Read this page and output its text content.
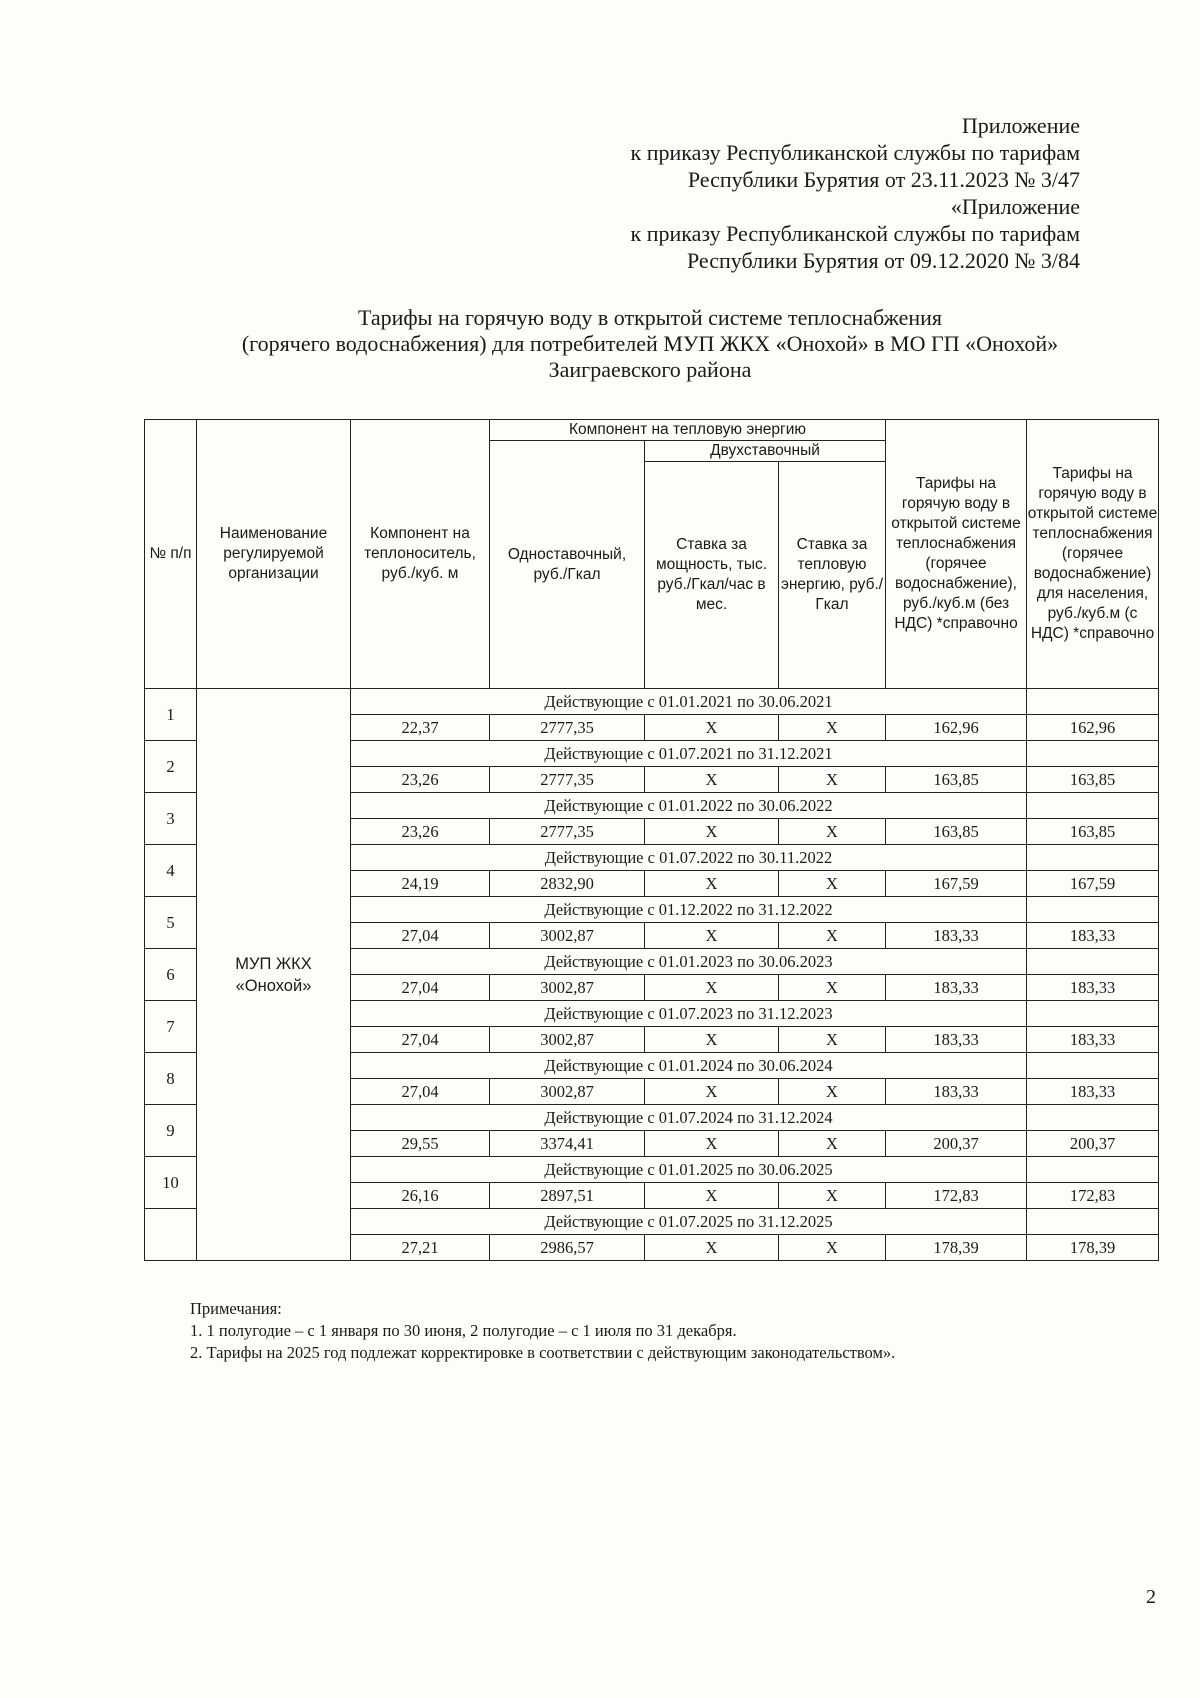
Приложение
к приказу Республиканской службы по тарифам
Республики Бурятия от 23.11.2023 № 3/47
«Приложение
к приказу Республиканской службы по тарифам
Республики Бурятия от 09.12.2020 № 3/84
Тарифы на горячую воду в открытой системе теплоснабжения
(горячего водоснабжения) для потребителей МУП ЖКХ «Онохой» в МО ГП «Онохой»
Заиграевского района
№ п/п	Наименование регулируемой организации	Компонент на теплоноситель, руб./куб. м	Компонент на тепловую энергию			Тарифы на горячую воду в открытой системе теплоснабжения (горячее водоснабжение), руб./куб.м (без НДС) *справочно	Тарифы на горячую воду в открытой системе теплоснабжения (горячее водоснабжение) для населения, руб./куб.м (с НДС) *справочно
			Одноставочный, руб./Гкал	Двухставочный			
				Ставка за мощность, тыс. руб./Гкал/час в мес.	Ставка за тепловую энергию, руб./Гкал		
1	МУП ЖКХ «Онохой»	Действующие с 01.01.2021 по 30.06.2021					
		22,37	2777,35	X	X	162,96	162,96
2		Действующие с 01.07.2021 по 31.12.2021					
		23,26	2777,35	X	X	163,85	163,85
3		Действующие с 01.01.2022 по 30.06.2022					
		23,26	2777,35	X	X	163,85	163,85
4		Действующие с 01.07.2022 по 30.11.2022					
		24,19	2832,90	X	X	167,59	167,59
5		Действующие с 01.12.2022 по 31.12.2022					
		27,04	3002,87	X	X	183,33	183,33
6		Действующие с 01.01.2023 по 30.06.2023					
		27,04	3002,87	X	X	183,33	183,33
7		Действующие с 01.07.2023 по 31.12.2023					
		27,04	3002,87	X	X	183,33	183,33
8		Действующие с 01.01.2024 по 30.06.2024					
		27,04	3002,87	X	X	183,33	183,33
9		Действующие с 01.07.2024 по 31.12.2024					
		29,55	3374,41	X	X	200,37	200,37
10		Действующие с 01.01.2025 по 30.06.2025					
		26,16	2897,51	X	X	172,83	172,83
		Действующие с 01.07.2025 по 31.12.2025					
		27,21	2986,57	X	X	178,39	178,39
Примечания:
1. 1 полугодие – с 1 января по 30 июня, 2 полугодие – с 1 июля по 31 декабря.
2. Тарифы на 2025 год подлежат корректировке в соответствии с действующим законодательством».
2
